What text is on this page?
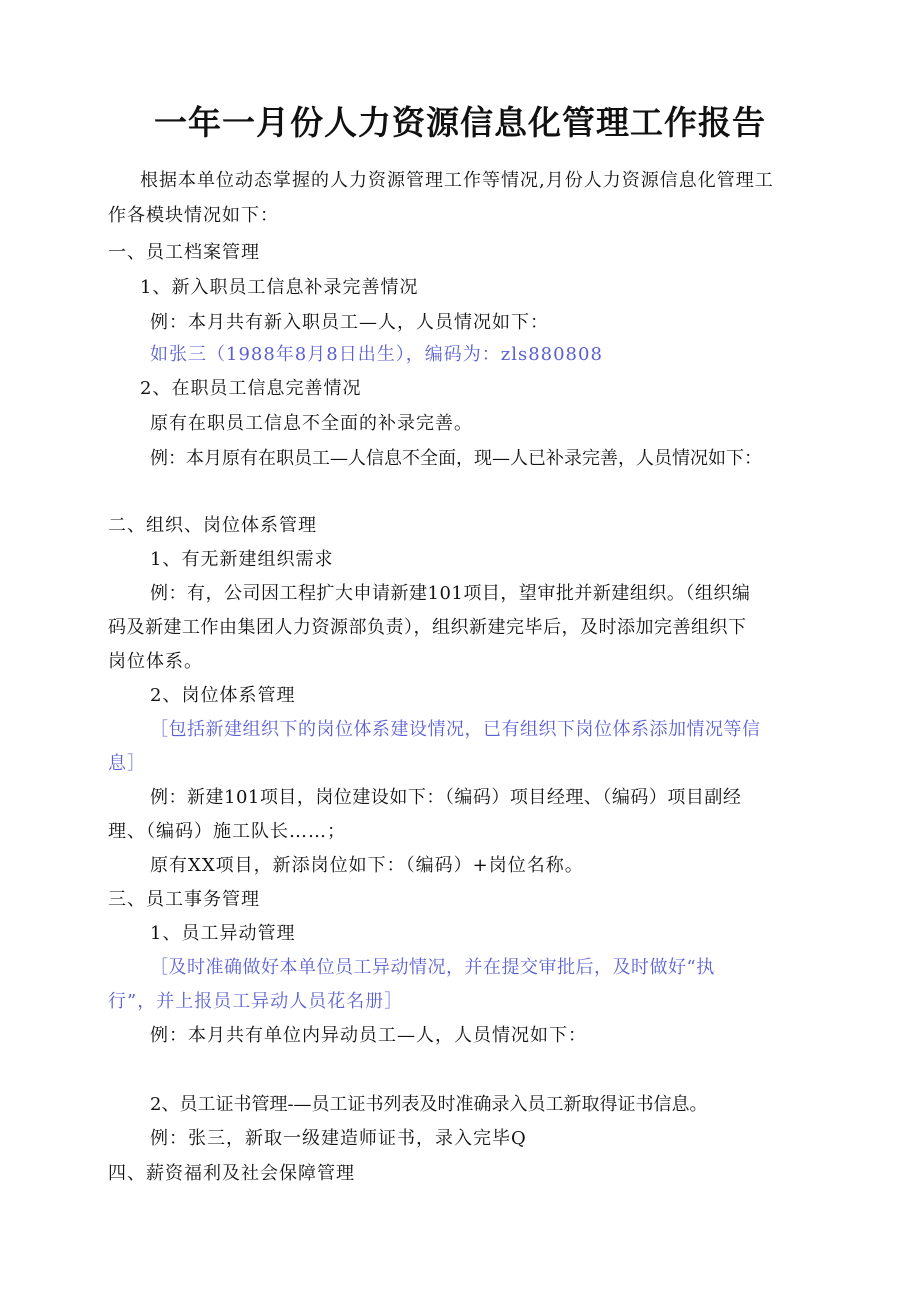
一年一月份人力资源信息化管理工作报告
根据本单位动态掌握的人力资源管理工作等情况,月份人力资源信息化管理工
作各模块情况如下：
一、员工档案管理
1、新入职员工信息补录完善情况
例：本月共有新入职员工—人，人员情况如下：
如张三（1988年8月8日出生），编码为：zls880808
2、在职员工信息完善情况
原有在职员工信息不全面的补录完善。
例：本月原有在职员工—人信息不全面，现—人已补录完善，人员情况如下：
二、组织、岗位体系管理
1、有无新建组织需求
例：有，公司因工程扩大申请新建101项目，望审批并新建组织。（组织编
码及新建工作由集团人力资源部负责），组织新建完毕后，及时添加完善组织下
岗位体系。
2、岗位体系管理
［包括新建组织下的岗位体系建设情况，已有组织下岗位体系添加情况等信
息］
例：新建101项目，岗位建设如下：（编码）项目经理、（编码）项目副经
理、（编码）施工队长……；
原有XX项目，新添岗位如下：（编码）+岗位名称。
三、员工事务管理
1、员工异动管理
［及时准确做好本单位员工异动情况，并在提交审批后，及时做好“执
行”，并上报员工异动人员花名册］
例：本月共有单位内异动员工—人，人员情况如下：
2、员工证书管理-—员工证书列表及时准确录入员工新取得证书信息。
例：张三，新取一级建造师证书，录入完毕Q
四、薪资福利及社会保障管理
